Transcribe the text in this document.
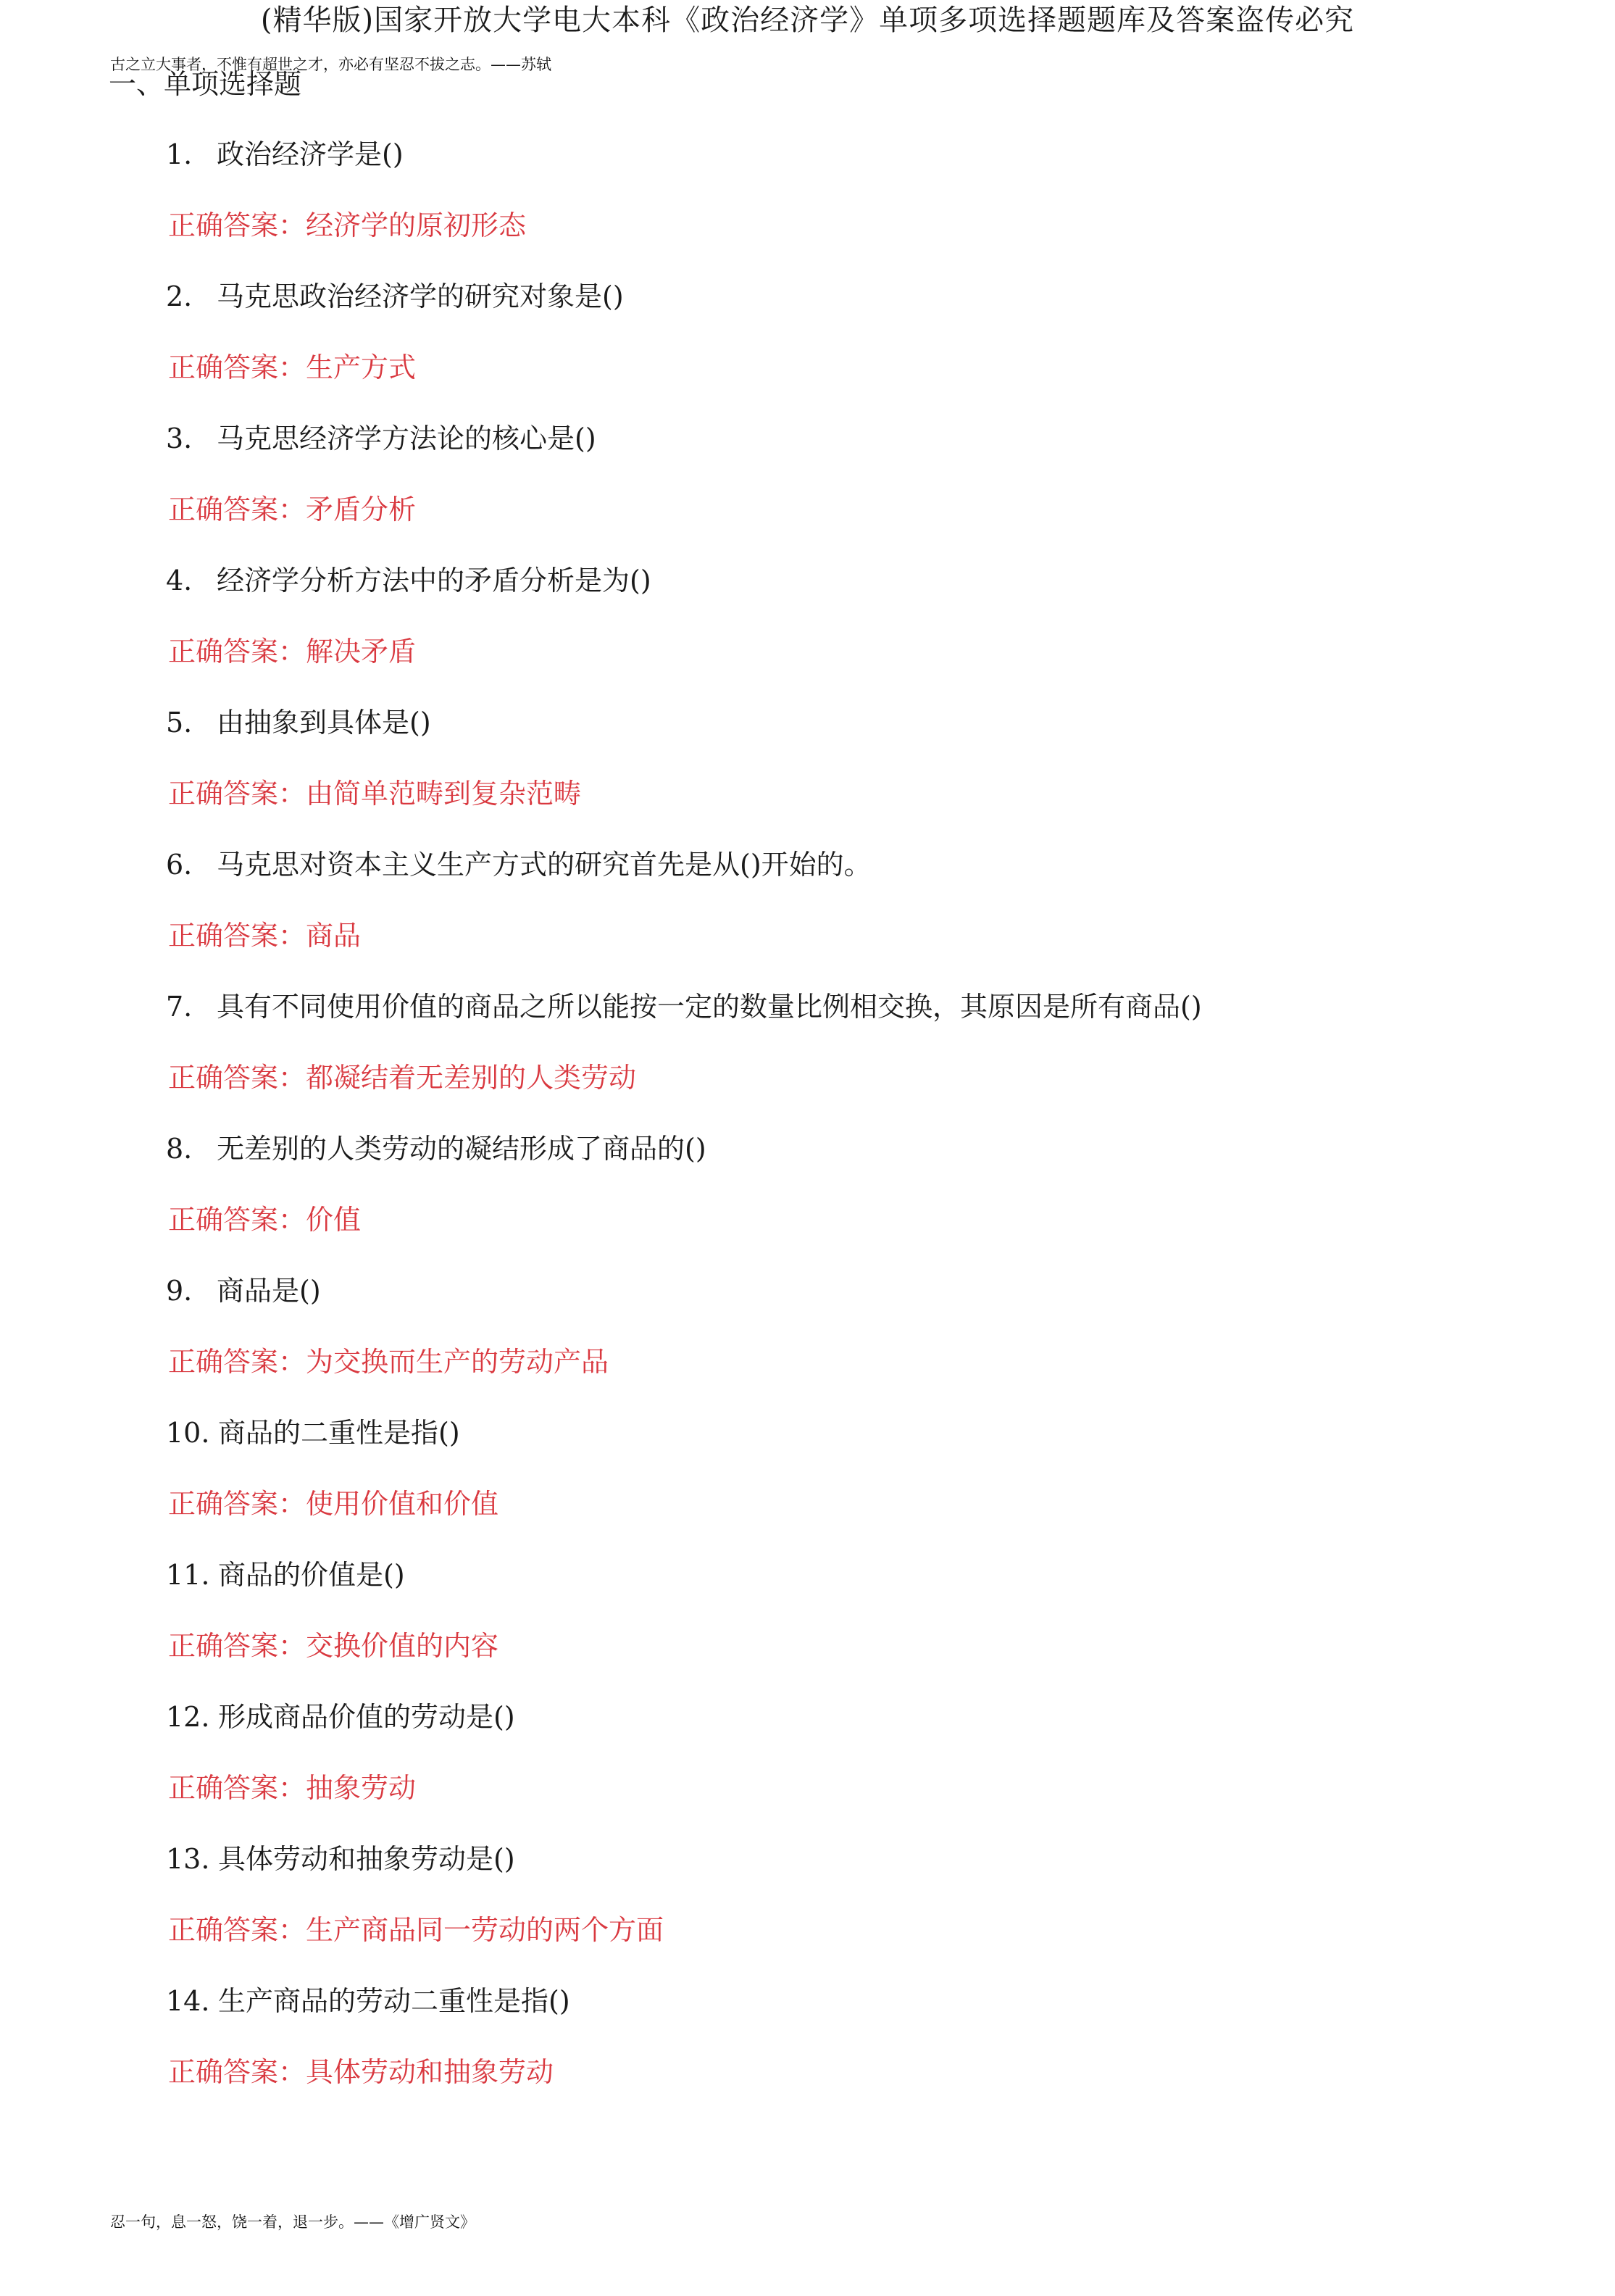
(精华版)国家开放大学电大本科《政治经济学》单项多项选择题题库及答案盗传必究
古之立大事者，不惟有超世之才，亦必有坚忍不拔之志。——苏轼
一、单项选择题
1. 政治经济学是()
正确答案：经济学的原初形态
2. 马克思政治经济学的研究对象是()
正确答案：生产方式
3. 马克思经济学方法论的核心是()
正确答案：矛盾分析
4. 经济学分析方法中的矛盾分析是为()
正确答案：解决矛盾
5. 由抽象到具体是()
正确答案：由简单范畴到复杂范畴
6. 马克思对资本主义生产方式的研究首先是从()开始的。
正确答案：商品
7. 具有不同使用价值的商品之所以能按一定的数量比例相交换，其原因是所有商品()
正确答案：都凝结着无差别的人类劳动
8. 无差别的人类劳动的凝结形成了商品的()
正确答案：价值
9. 商品是()
正确答案：为交换而生产的劳动产品
10. 商品的二重性是指()
正确答案：使用价值和价值
11. 商品的价值是()
正确答案：交换价值的内容
12. 形成商品价值的劳动是()
正确答案：抽象劳动
13. 具体劳动和抽象劳动是()
正确答案：生产商品同一劳动的两个方面
14. 生产商品的劳动二重性是指()
正确答案：具体劳动和抽象劳动
忍一句，息一怒，饶一着，退一步。——《增广贤文》
